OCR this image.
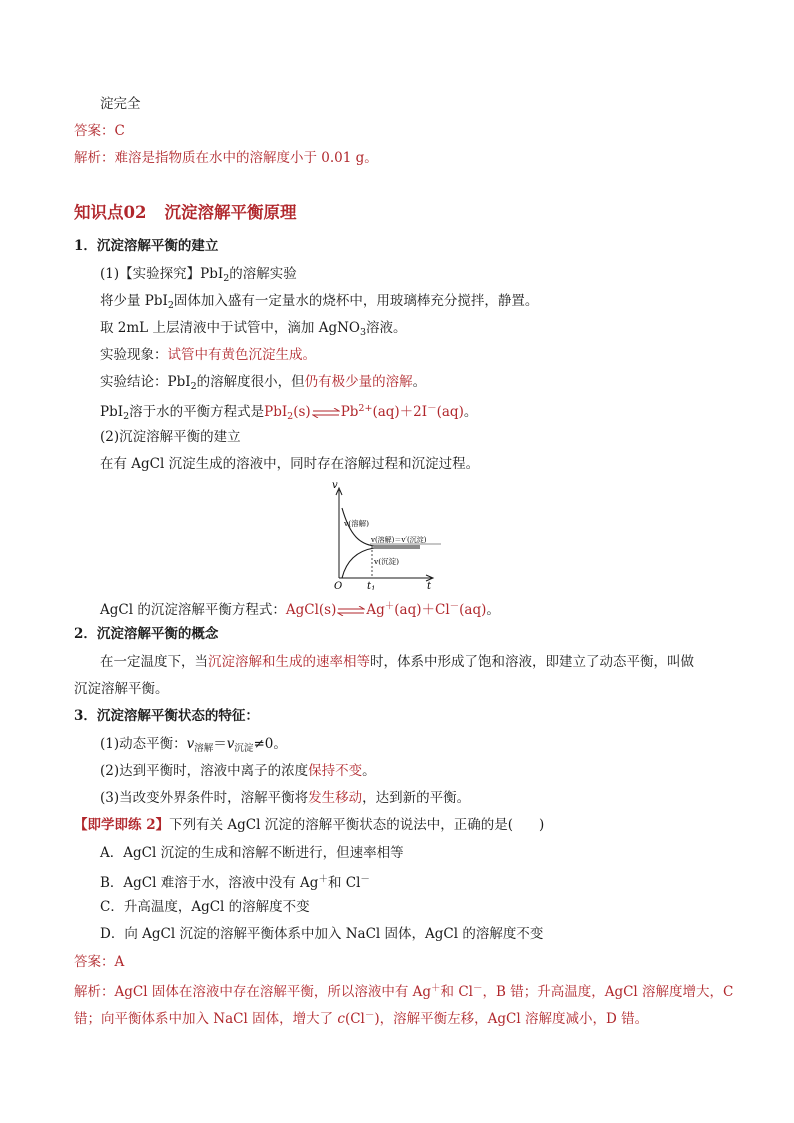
淀完全
答案：C
解析：难溶是指物质在水中的溶解度小于 0.01 g。
知识点02 沉淀溶解平衡原理
1．沉淀溶解平衡的建立
(1)【实验探究】PbI$_2$的溶解实验
将少量 PbI$_2$固体加入盛有一定量水的烧杯中，用玻璃棒充分搅拌，静置。
取 2mL 上层清液中于试管中，滴加 AgNO$_3$溶液。
实验现象：试管中有黄色沉淀生成。
实验结论：PbI$_2$的溶解度很小，但仍有极少量的溶解。
PbI$_2$溶于水的平衡方程式是$PbI_2(s)\rightleftharpoons Pb^{2+}(aq)+2I^-(aq)$。
(2)沉淀溶解平衡的建立
在有 AgCl 沉淀生成的溶液中，同时存在溶解过程和沉淀过程。
v
t
O $t_1$
v(溶解)
v(溶解)＝v′(沉淀)
v(沉淀)
AgCl 的沉淀溶解平衡方程式：AgCl(s)⇌Ag＋(aq)＋Cl－(aq)。
2．沉淀溶解平衡的概念
在一定温度下，当沉淀溶解和生成的速率相等时，体系中形成了饱和溶液，即建立了动态平衡，叫做
沉淀溶解平衡。
3．沉淀溶解平衡状态的特征：
(1)动态平衡：$v_{溶解}=v_{沉淀}\ne 0$。
(2)达到平衡时，溶液中离子的浓度保持不变。
(3)当改变外界条件时，溶解平衡将发生移动，达到新的平衡。
【即学即练 2】下列有关 AgCl 沉淀的溶解平衡状态的说法中，正确的是( )
A．AgCl 沉淀的生成和溶解不断进行，但速率相等
B．AgCl 难溶于水，溶液中没有 Ag＋和 Cl－
C．升高温度，AgCl 的溶解度不变
D．向 AgCl 沉淀的溶解平衡体系中加入 NaCl 固体，AgCl 的溶解度不变
答案：A
解析：AgCl 固体在溶液中存在溶解平衡，所以溶液中有 Ag＋和 Cl－，B 错；升高温度，AgCl 溶解度增大，C
错；向平衡体系中加入 NaCl 固体，增大了 c(Cl－)，溶解平衡左移，AgCl 溶解度减小，D 错。
